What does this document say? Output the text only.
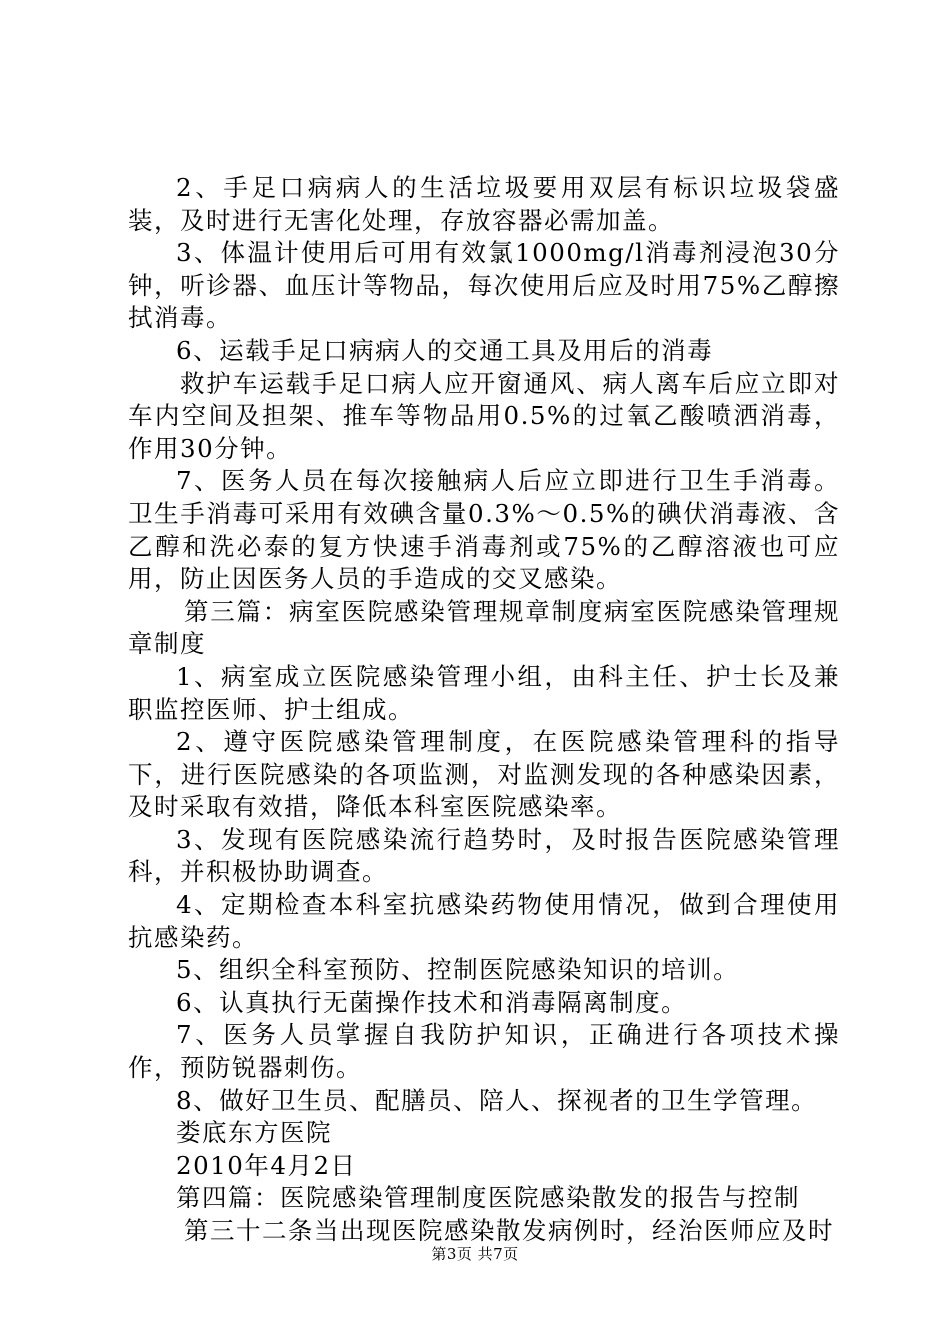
2、手足口病病人的生活垃圾要用双层有标识垃圾袋盛装，及时进行无害化处理，存放容器必需加盖。

3、体温计使用后可用有效氯1000mg/l消毒剂浸泡30分钟，听诊器、血压计等物品，每次使用后应及时用75%乙醇擦拭消毒。

6、运载手足口病病人的交通工具及用后的消毒

救护车运载手足口病人应开窗通风、病人离车后应立即对车内空间及担架、推车等物品用0.5%的过氧乙酸喷洒消毒，作用30分钟。

7、医务人员在每次接触病人后应立即进行卫生手消毒。卫生手消毒可采用有效碘含量0.3%～0.5%的碘伏消毒液、含乙醇和洗必泰的复方快速手消毒剂或75%的乙醇溶液也可应用，防止因医务人员的手造成的交叉感染。

第三篇：病室医院感染管理规章制度病室医院感染管理规章制度

1、病室成立医院感染管理小组，由科主任、护士长及兼职监控医师、护士组成。

2、遵守医院感染管理制度，在医院感染管理科的指导下，进行医院感染的各项监测，对监测发现的各种感染因素，及时采取有效措，降低本科室医院感染率。

3、发现有医院感染流行趋势时，及时报告医院感染管理科，并积极协助调查。

4、定期检查本科室抗感染药物使用情况，做到合理使用抗感染药。

5、组织全科室预防、控制医院感染知识的培训。

6、认真执行无菌操作技术和消毒隔离制度。

7、医务人员掌握自我防护知识，正确进行各项技术操作，预防锐器刺伤。

8、做好卫生员、配膳员、陪人、探视者的卫生学管理。

娄底东方医院

2010年4月2日

第四篇：医院感染管理制度医院感染散发的报告与控制

第三十二条当出现医院感染散发病例时，经治医师应及时

第3页 共7页
